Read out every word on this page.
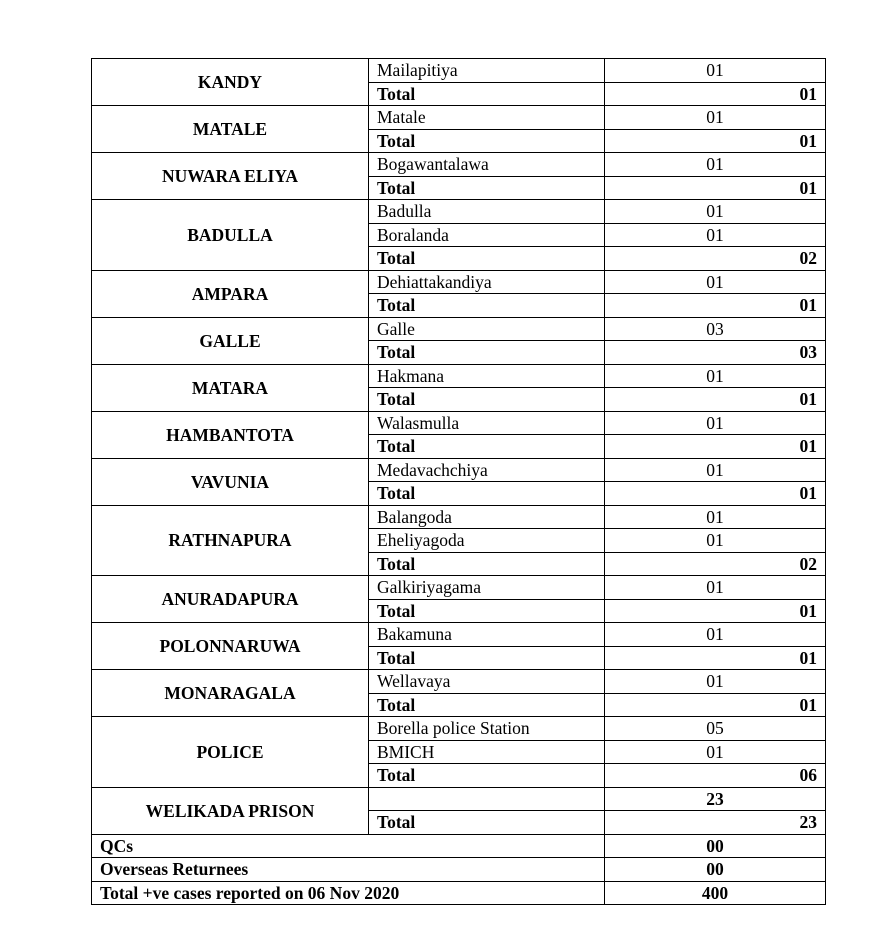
KANDY	Mailapitiya	01
	Total	01
MATALE	Matale	01
	Total	01
NUWARA ELIYA	Bogawantalawa	01
	Total	01
BADULLA	Badulla	01
	Boralanda	01
	Total	02
AMPARA	Dehiattakandiya	01
	Total	01
GALLE	Galle	03
	Total	03
MATARA	Hakmana	01
	Total	01
HAMBANTOTA	Walasmulla	01
	Total	01
VAVUNIA	Medavachchiya	01
	Total	01
RATHNAPURA	Balangoda	01
	Eheliyagoda	01
	Total	02
ANURADAPURA	Galkiriyagama	01
	Total	01
POLONNARUWA	Bakamuna	01
	Total	01
MONARAGALA	Wellavaya	01
	Total	01
POLICE	Borella police Station	05
	BMICH	01
	Total	06
WELIKADA PRISON		23
	Total	23
QCs		00
Overseas Returnees		00
Total +ve cases reported on 06 Nov 2020		400
